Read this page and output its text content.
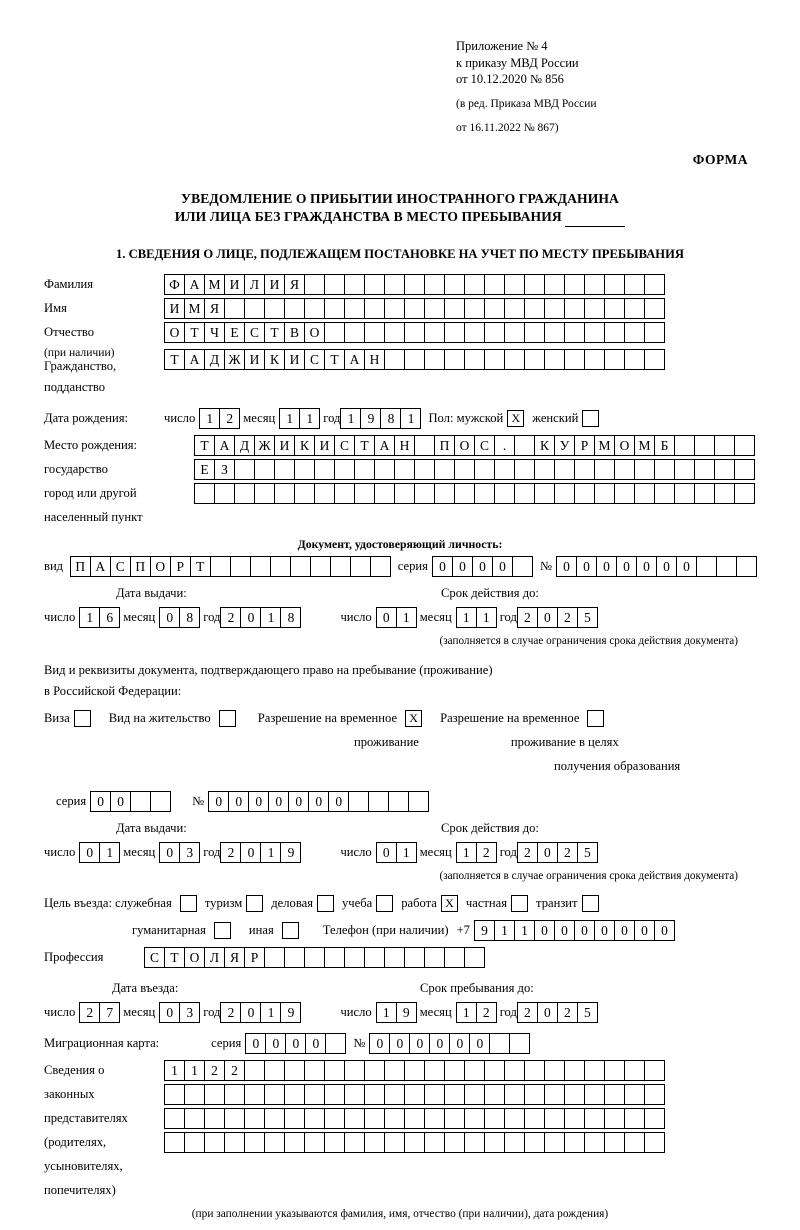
Приложение № 4
к приказу МВД России
от 10.12.2020 № 856
(в ред. Приказа МВД России
от 16.11.2022 № 867)
ФОРМА
УВЕДОМЛЕНИЕ О ПРИБЫТИИ ИНОСТРАННОГО ГРАЖДАНИНА
ИЛИ ЛИЦА БЕЗ ГРАЖДАНСТВА В МЕСТО ПРЕБЫВАНИЯ
1. СВЕДЕНИЯ О ЛИЦЕ, ПОДЛЕЖАЩЕМ ПОСТАНОВКЕ НА УЧЕТ ПО МЕСТУ ПРЕБЫВАНИЯ
Фамилия	Ф А М И Л И Я
Имя	И М Я
Отчество	О Т Ч Е С Т В О
(при наличии)
Гражданство,	Т А Д Ж И К И С Т А Н
подданство
Дата рождения:	число 1 2 месяц 1 1 год 1 9 8 1	Пол: мужской Х женский
Место рождения:	Т А Д Ж И К И С Т А Н	П О С	.	К У Р М О М Б
государство	Е З
город или другой
населенный пункт
Документ, удостоверяющий личность:
вид П А С П О Р Т	серия 0 0 0 0	№ 0 0 0 0 0 0 0
Дата выдачи:	Срок действия до:
число 1 6 месяц 0 8 год 2 0 1 8	число 0 1 месяц 1 1 год 2 0 2 5
(заполняется в случае ограничения срока действия документа)
Вид и реквизиты документа, подтверждающего право на пребывание (проживание)
в Российской Федерации:
Виза	Вид на жительство	Разрешение на временное	Х	Разрешение на временное
проживание	проживание в целях
получения образования
серия 0 0	№ 0 0 0 0 0 0 0
Дата выдачи:	Срок действия до:
число 0 1 месяц 0 3 год 2 0 1 9	число 0 1 месяц 1 2 год 2 0 2 5
(заполняется в случае ограничения срока действия документа)
Цель въезда: служебная	туризм деловая учеба работа Х частная транзит
гуманитарная	иная	Телефон (при наличии) +7 9 1 1 0 0 0 0 0 0 0
Профессия	С Т О Л Я Р
Дата въезда:	Срок пребывания до:
число 2 7 месяц 0 3 год 2 0 1 9	число 1 9 месяц 1 2 год 2 0 2 5
Миграционная карта:	серия 0 0 0 0	№ 0 0 0 0 0 0
Сведения о	1 1 2 2
законных
представителях
(родителях,
усыновителях,
попечителях)
(при заполнении указываются фамилия, имя, отчество (при наличии), дата рождения)
